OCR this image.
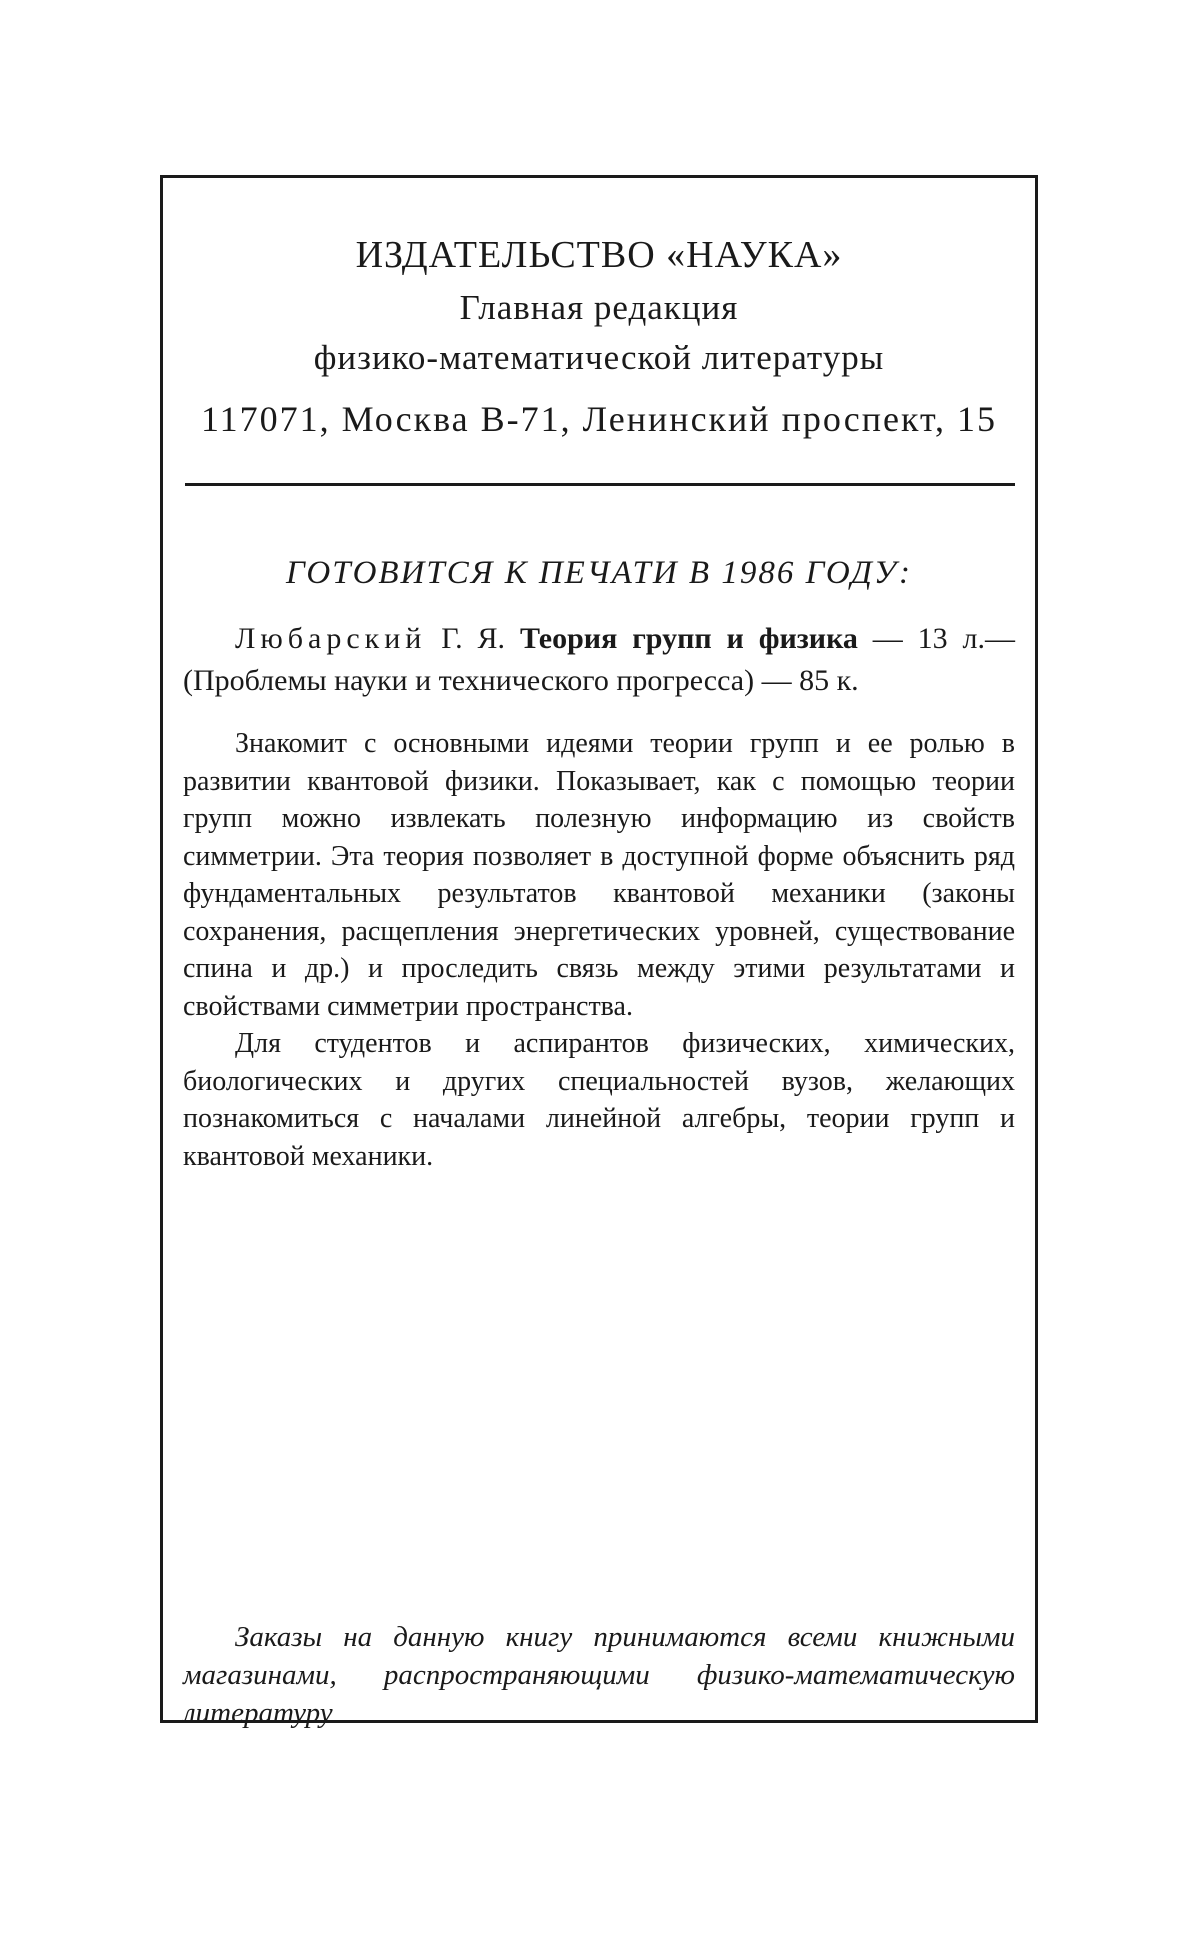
ИЗДАТЕЛЬСТВО «НАУКА»
Главная редакция
физико-математической литературы
117071, Москва В-71, Ленинский проспект, 15
ГОТОВИТСЯ К ПЕЧАТИ В 1986 ГОДУ:
Любарский Г. Я. Теория групп и физика — 13 л.— (Проблемы науки и технического прогресса) — 85 к.

Знакомит с основными идеями теории групп и ее ролью в развитии квантовой физики. Показывает, как с помощью теории групп можно извлекать полезную информацию из свойств симметрии. Эта теория позволяет в доступной форме объяснить ряд фундаментальных результатов квантовой механики (законы сохранения, расщепления энергетических уровней, существование спина и др.) и проследить связь между этими результатами и свойствами симметрии пространства.

Для студентов и аспирантов физических, химических, биологических и других специальностей вузов, желающих познакомиться с началами линейной алгебры, теории групп и квантовой механики.

Заказы на данную книгу принимаются всеми книжными магазинами, распространяющими физико-математическую литературу
